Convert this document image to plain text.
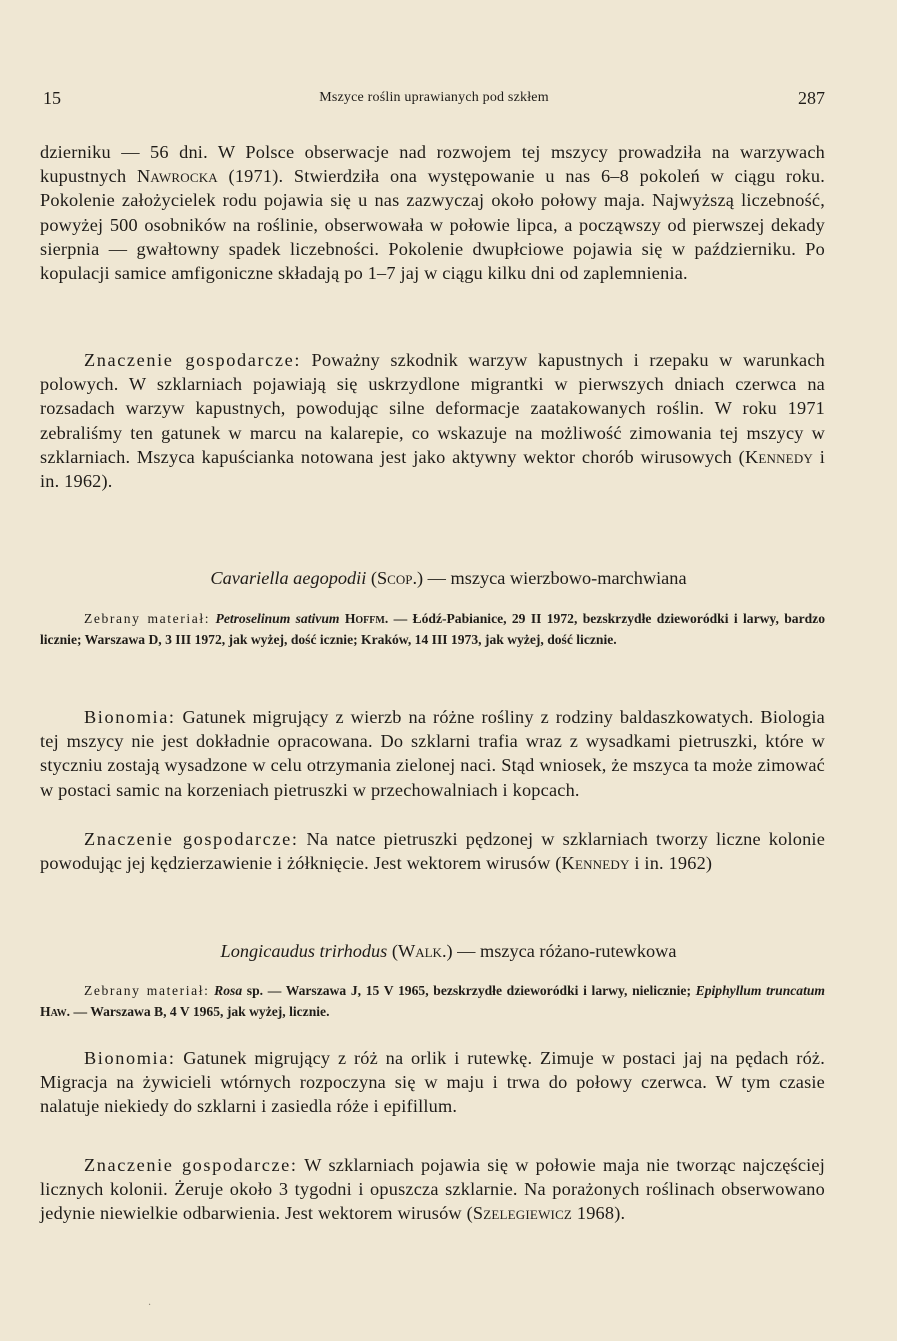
15	Mszyce roślin uprawianych pod szkłem	287

dzierniku — 56 dni. W Polsce obserwacje nad rozwojem tej mszycy prowadziła na warzywach kupustnych Nawrocka (1971). Stwierdziła ona występowanie u nas 6–8 pokoleń w ciągu roku. Pokolenie założycielek rodu pojawia się u nas zazwyczaj około połowy maja. Najwyższą liczebność, powyżej 500 osobników na roślinie, obserwowała w połowie lipca, a począwszy od pierwszej dekady sierpnia — gwałtowny spadek liczebności. Pokolenie dwupłciowe pojawia się w październiku. Po kopulacji samice amfigoniczne składają po 1–7 jaj w ciągu kilku dni od zaplemnienia.

Znaczenie gospodarcze: Poważny szkodnik warzyw kapustnych i rzepaku w warunkach polowych. W szklarniach pojawiają się uskrzydlone migrantki w pierwszych dniach czerwca na rozsadach warzyw kapustnych, powodując silne deformacje zaatakowanych roślin. W roku 1971 zebraliśmy ten gatunek w marcu na kalarepie, co wskazuje na możliwość zimowania tej mszycy w szklarniach. Mszyca kapuścianka notowana jest jako aktywny wektor chorób wirusowych (Kennedy i in. 1962).

Cavariella aegopodii (Scop.) — mszyca wierzbowo-marchwiana

Zebrany materiał: Petroselinum sativum Hoffm. — Łódź-Pabianice, 29 II 1972, bezskrzydłe dzieworódki i larwy, bardzo licznie; Warszawa D, 3 III 1972, jak wyżej, dość icznie; Kraków, 14 III 1973, jak wyżej, dość licznie.

Bionomia: Gatunek migrujący z wierzb na różne rośliny z rodziny baldaszkowatych. Biologia tej mszycy nie jest dokładnie opracowana. Do szklarni trafia wraz z wysadkami pietruszki, które w styczniu zostają wysadzone w celu otrzymania zielonej naci. Stąd wniosek, że mszyca ta może zimować w postaci samic na korzeniach pietruszki w przechowalniach i kopcach.

Znaczenie gospodarcze: Na natce pietruszki pędzonej w szklarniach tworzy liczne kolonie powodując jej kędzierzawienie i żółknięcie. Jest wektorem wirusów (Kennedy i in. 1962)

Longicaudus trirhodus (Walk.) — mszyca różano-rutewkowa

Zebrany materiał: Rosa sp. — Warszawa J, 15 V 1965, bezskrzydłe dzieworódki i larwy, nielicznie; Epiphyllum truncatum Haw. — Warszawa B, 4 V 1965, jak wyżej, licznie.

Bionomia: Gatunek migrujący z róż na orlik i rutewkę. Zimuje w postaci jaj na pędach róż. Migracja na żywicieli wtórnych rozpoczyna się w maju i trwa do połowy czerwca. W tym czasie nalatuje niekiedy do szklarni i zasiedla róże i epifillum.

Znaczenie gospodarcze: W szklarniach pojawia się w połowie maja nie tworząc najczęściej licznych kolonii. Żeruje około 3 tygodni i opuszcza szklarnie. Na porażonych roślinach obserwowano jedynie niewielkie odbarwienia. Jest wektorem wirusów (Szelegiewicz 1968).

·
